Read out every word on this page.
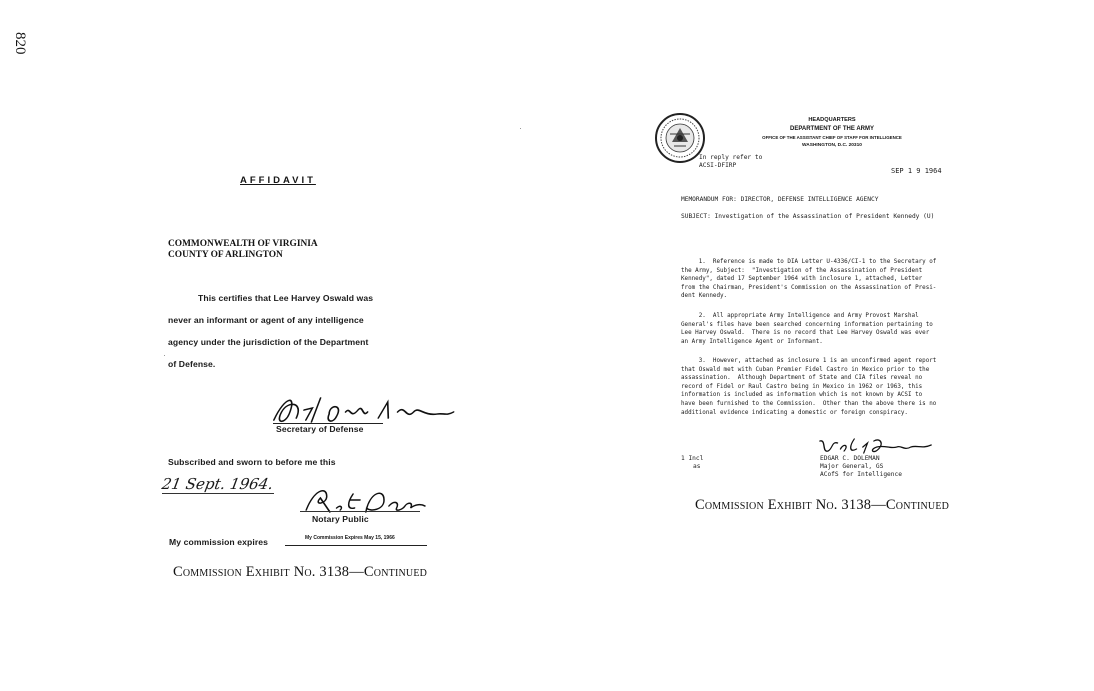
820
AFFIDAVIT
COMMONWEALTH OF VIRGINIA
COUNTY OF ARLINGTON
This certifies that Lee Harvey Oswald was
never an informant or agent of any intelligence
agency under the jurisdiction of the Department
of Defense.
Secretary of Defense
Subscribed and sworn to before me this
21 Sept. 1964.
Notary Public
My commission expires	My Commission Expires May 15, 1966
Commission Exhibit No. 3138—Continued
HEADQUARTERS
DEPARTMENT OF THE ARMY
OFFICE OF THE ASSISTANT CHIEF OF STAFF FOR INTELLIGENCE
WASHINGTON, D.C. 20310
In reply refer to
ACSI-DFIRP
SEP 1 9 1964
MEMORANDUM FOR: DIRECTOR, DEFENSE INTELLIGENCE AGENCY
SUBJECT: Investigation of the Assassination of President Kennedy (U)
1.  Reference is made to DIA Letter U-4336/CI-1 to the Secretary of
the Army, Subject:  "Investigation of the Assassination of President
Kennedy", dated 17 September 1964 with inclosure 1, attached, Letter
from the Chairman, President's Commission on the Assassination of Presi-
dent Kennedy.
2.  All appropriate Army Intelligence and Army Provost Marshal
General's files have been searched concerning information pertaining to
Lee Harvey Oswald.  There is no record that Lee Harvey Oswald was ever
an Army Intelligence Agent or Informant.
3.  However, attached as inclosure 1 is an unconfirmed agent report
that Oswald met with Cuban Premier Fidel Castro in Mexico prior to the
assassination.  Although Department of State and CIA files reveal no
record of Fidel or Raul Castro being in Mexico in 1962 or 1963, this
information is included as information which is not known by ACSI to
have been furnished to the Commission.  Other than the above there is no
additional evidence indicating a domestic or foreign conspiracy.
1 Incl
as
EDGAR C. DOLEMAN
Major General, GS
ACofS for Intelligence
Commission Exhibit No. 3138—Continued
